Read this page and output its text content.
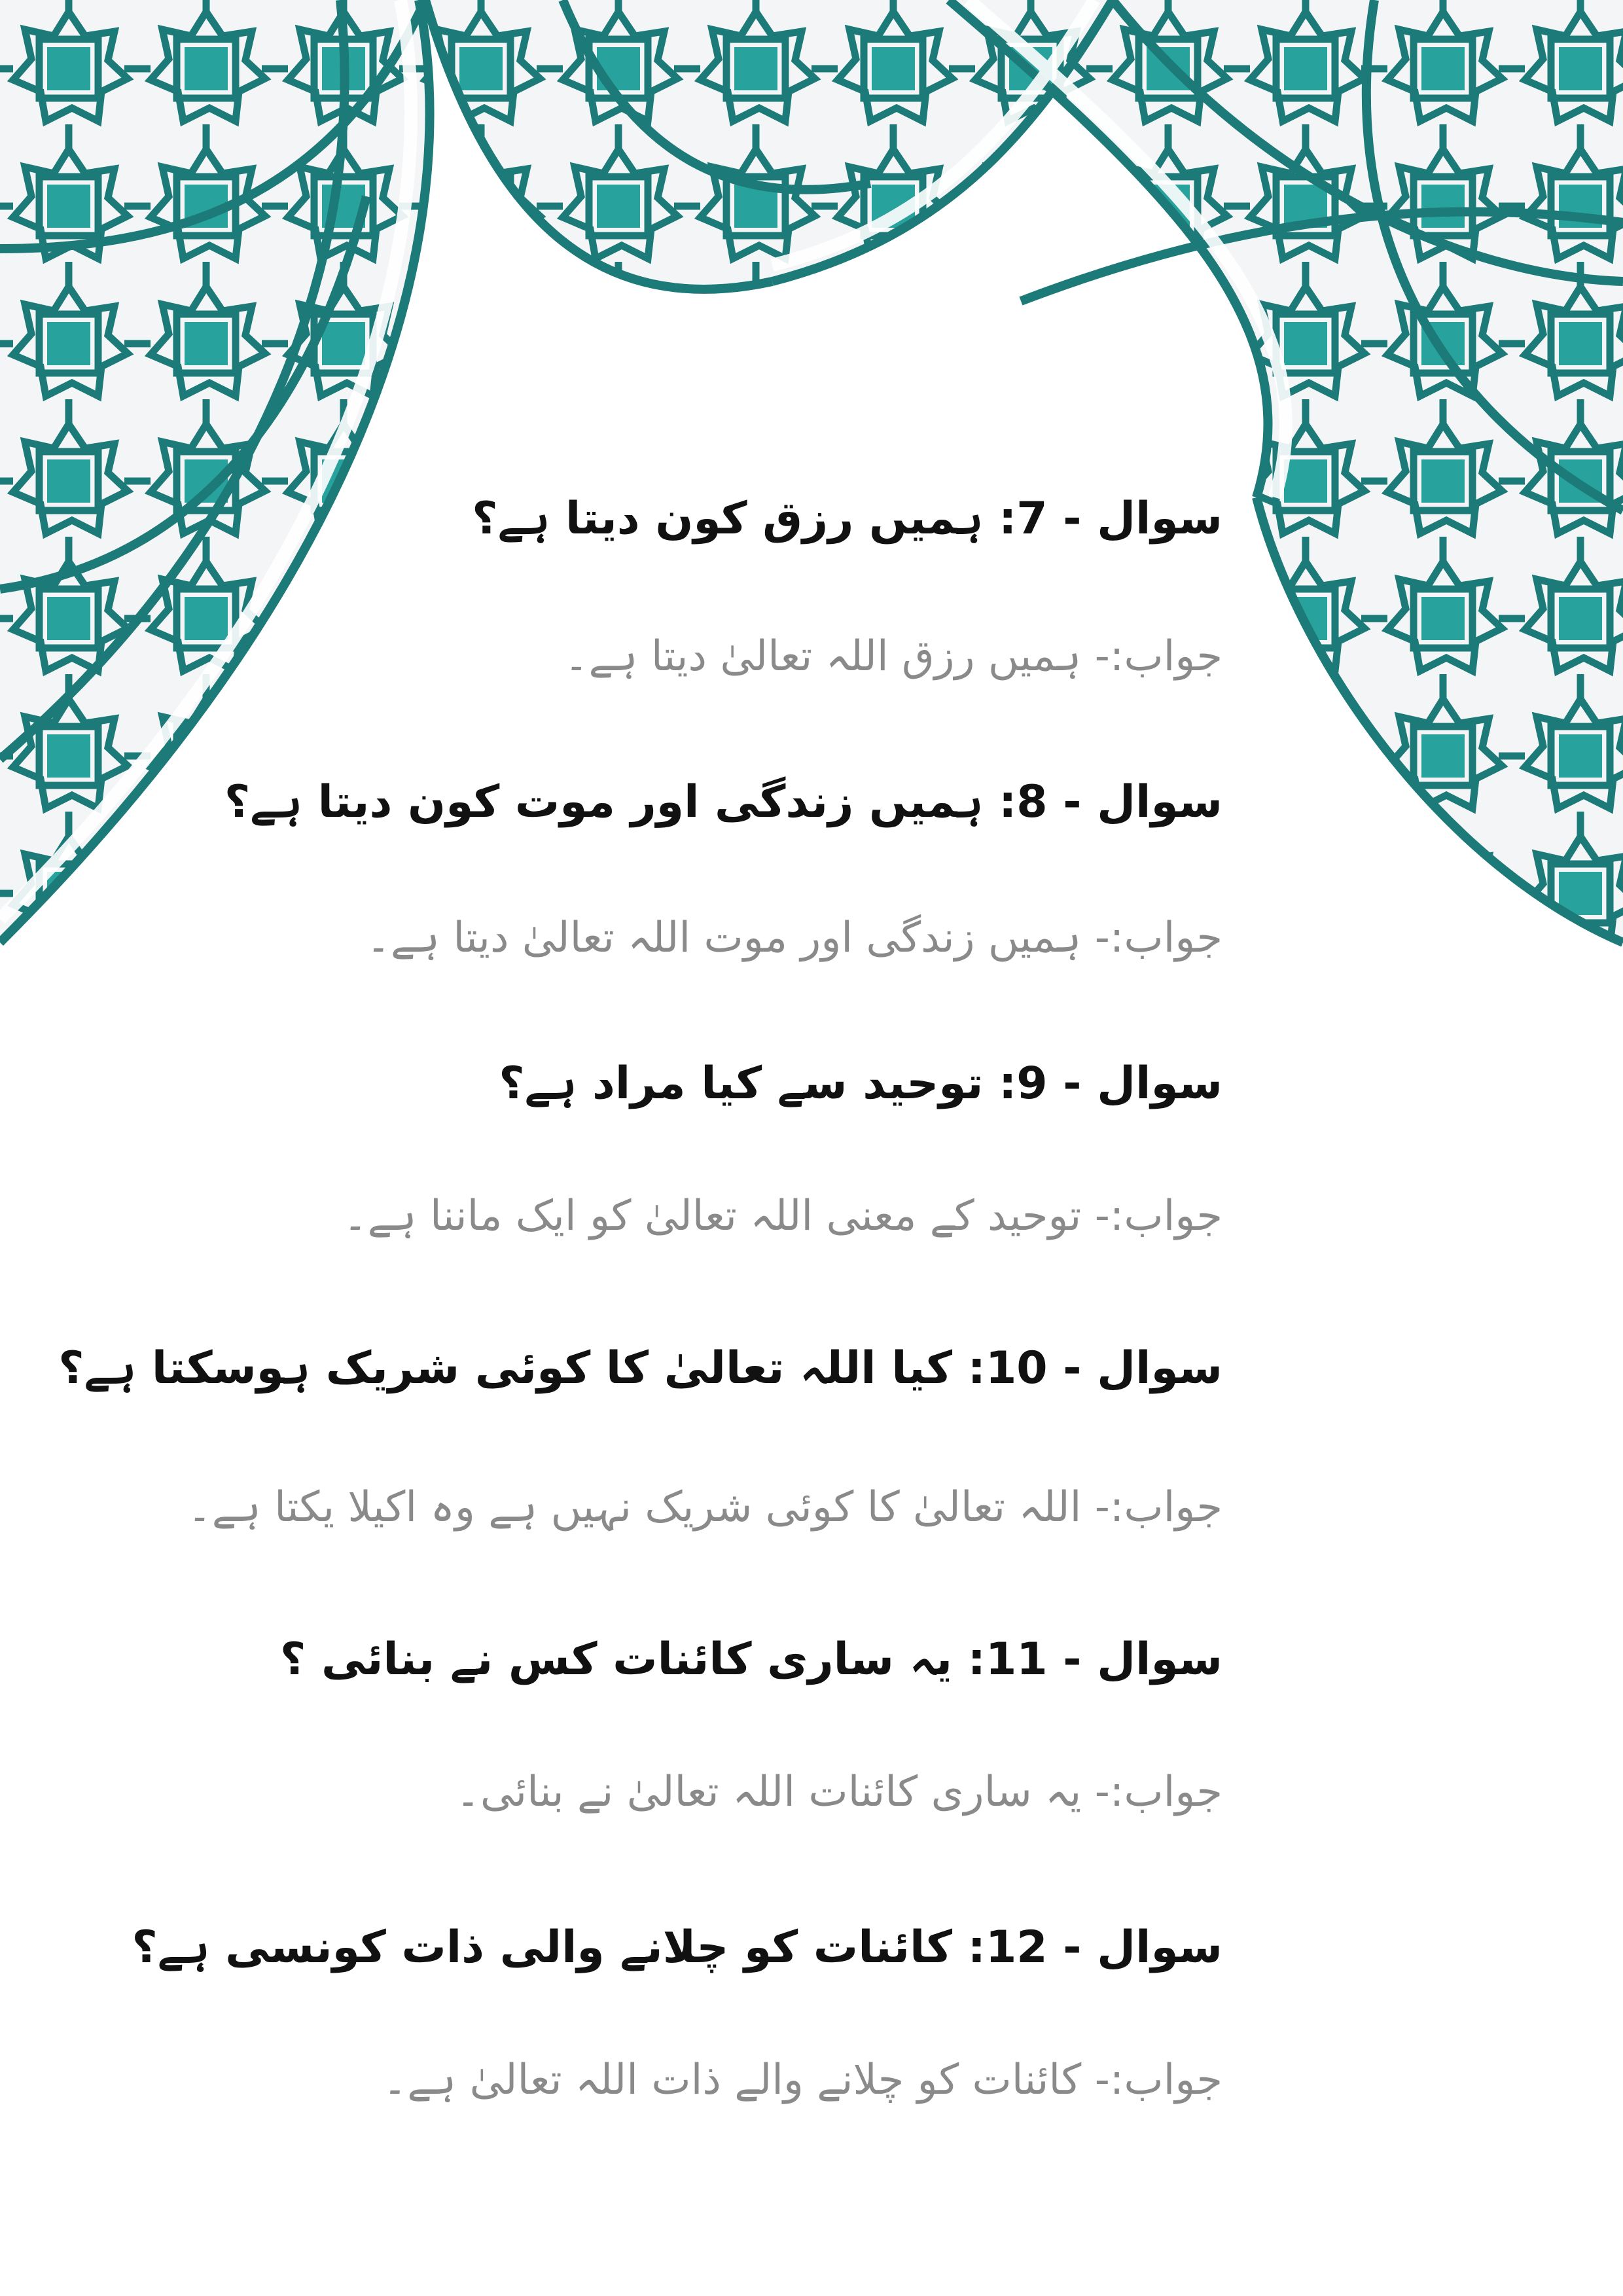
سوال - 7: ہمیں رزق کون دیتا ہے؟
جواب:- ہمیں رزق اللہ تعالیٰ دیتا ہے۔
سوال - 8: ہمیں زندگی اور موت کون دیتا ہے؟
جواب:- ہمیں زندگی اور موت اللہ تعالیٰ دیتا ہے۔
سوال - 9: توحید سے کیا مراد ہے؟
جواب:- توحید کے معنی اللہ تعالیٰ کو ایک ماننا ہے۔
سوال - 10: کیا اللہ تعالیٰ کا کوئی شریک ہوسکتا ہے؟
جواب:- اللہ تعالیٰ کا کوئی شریک نہیں ہے وہ اکیلا یکتا ہے۔
سوال - 11: یہ ساری کائنات کس نے بنائی ؟
جواب:- یہ ساری کائنات اللہ تعالیٰ نے بنائی۔
سوال - 12: کائنات کو چلانے والی ذات کونسی ہے؟
جواب:- کائنات کو چلانے والے ذات اللہ تعالیٰ ہے۔
